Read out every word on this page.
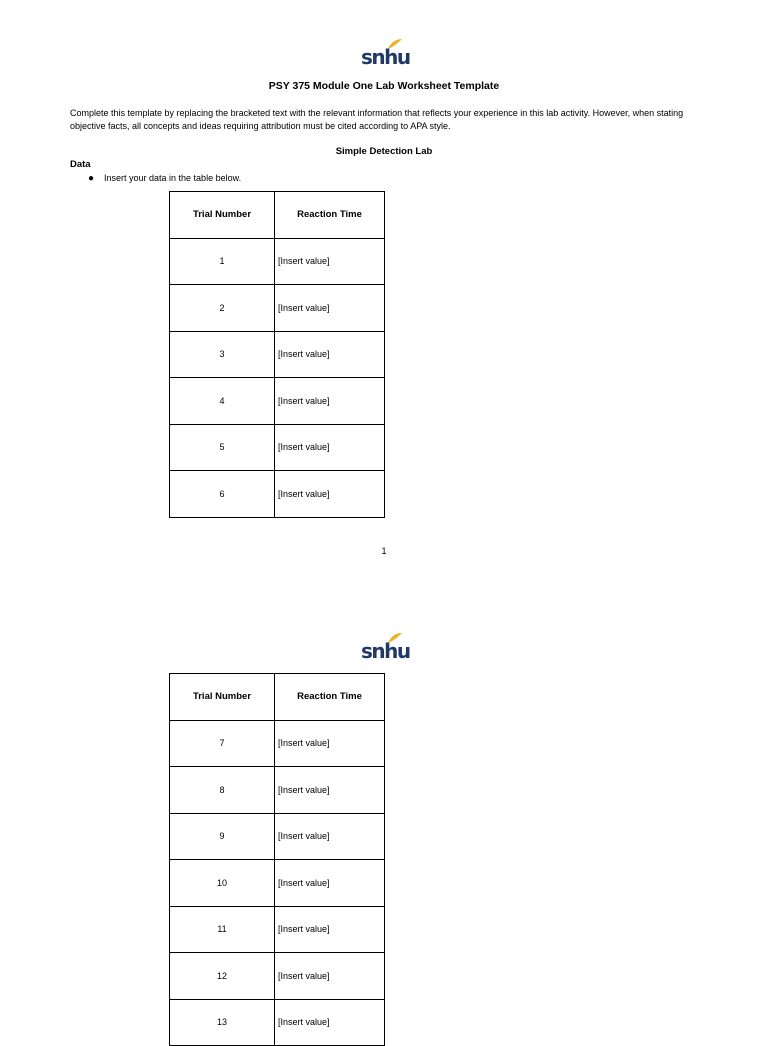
snhu
PSY 375 Module One Lab Worksheet Template
Complete this template by replacing the bracketed text with the relevant information that reflects your experience in this lab activity. However, when stating objective facts, all concepts and ideas requiring attribution must be cited according to APA style.
Simple Detection Lab
Data
● Insert your data in the table below.
Trial Number	Reaction Time
1	[Insert value]
2	[Insert value]
3	[Insert value]
4	[Insert value]
5	[Insert value]
6	[Insert value]
1
snhu
Trial Number	Reaction Time
7	[Insert value]
8	[Insert value]
9	[Insert value]
10	[Insert value]
11	[Insert value]
12	[Insert value]
13	[Insert value]
